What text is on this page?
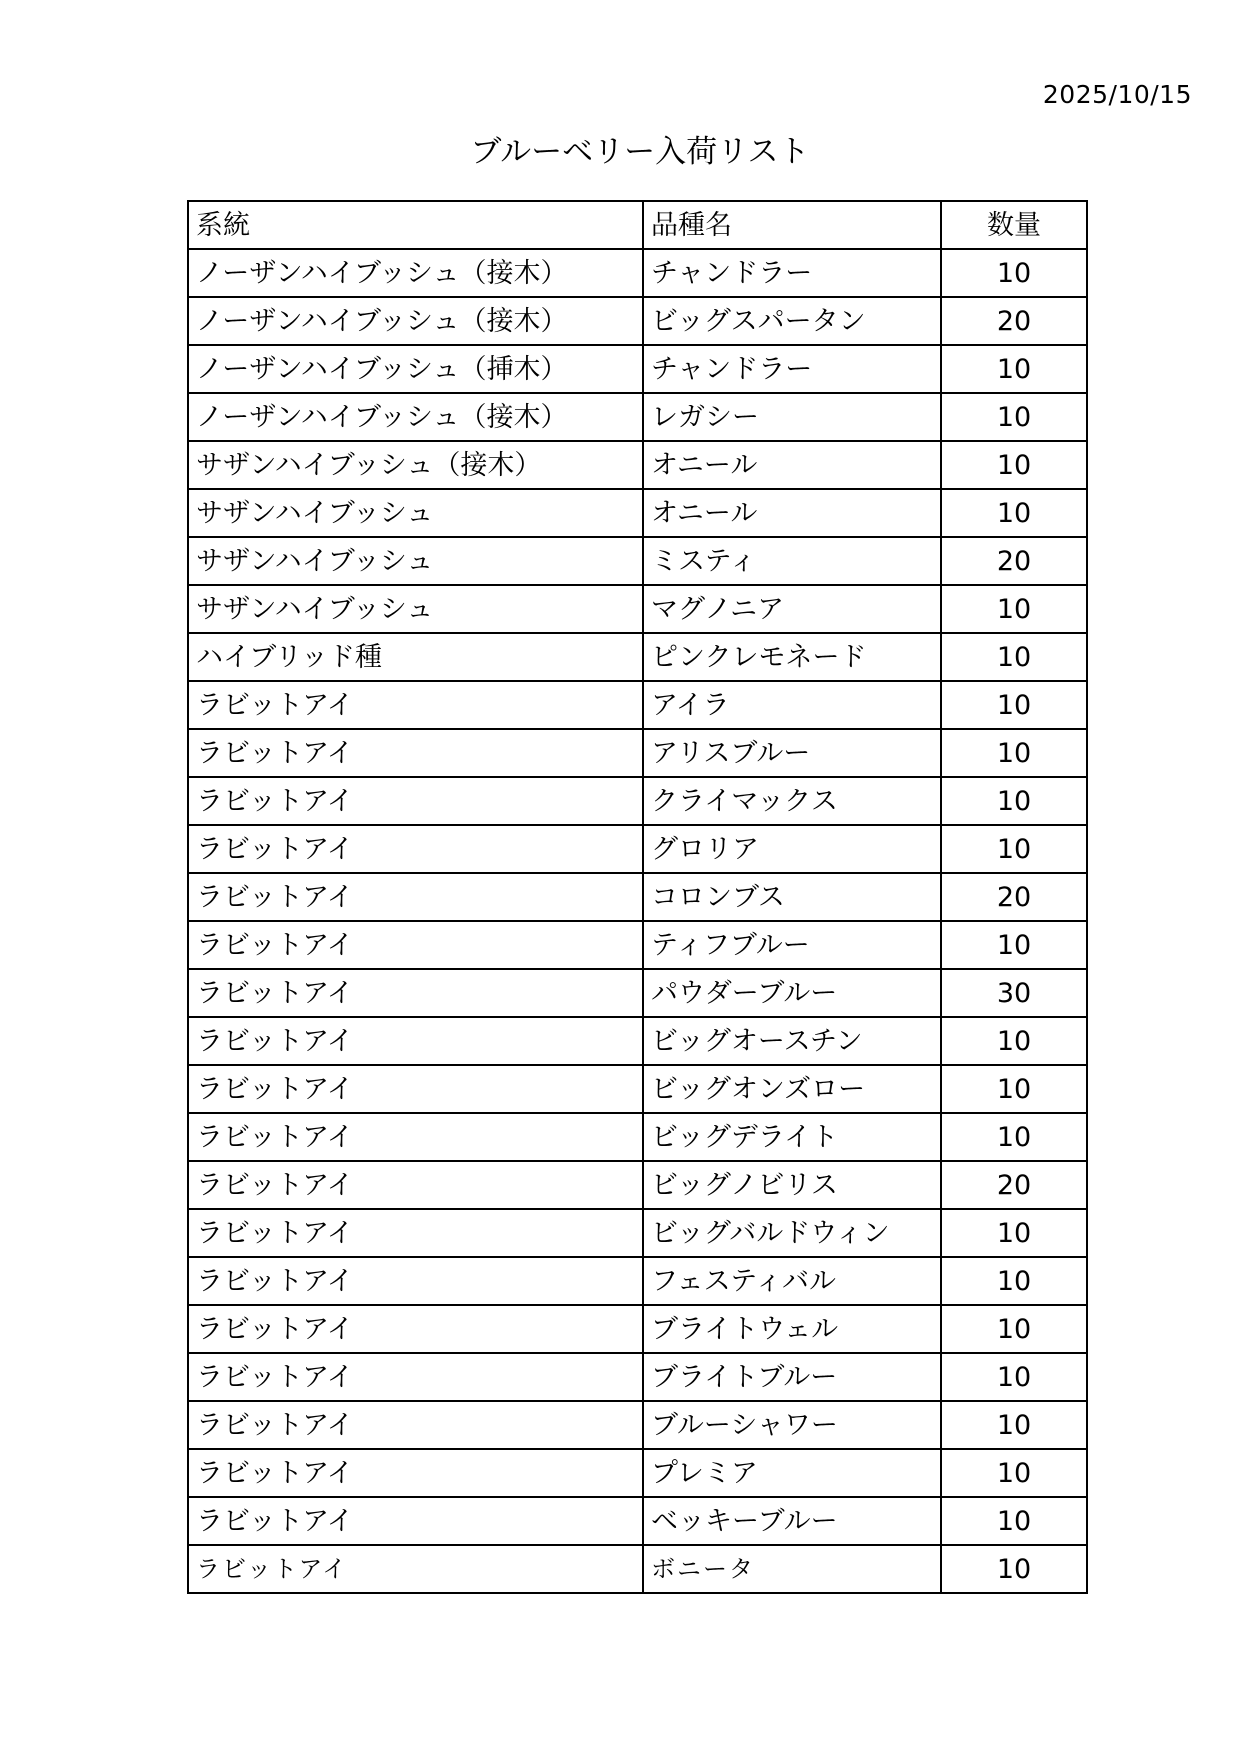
2025/10/15
ブルーベリー入荷リスト
系統	品種名	数量
ノーザンハイブッシュ（接木）	チャンドラー	10
ノーザンハイブッシュ（接木）	ビッグスパータン	20
ノーザンハイブッシュ（挿木）	チャンドラー	10
ノーザンハイブッシュ（接木）	レガシー	10
サザンハイブッシュ（接木）	オニール	10
サザンハイブッシュ	オニール	10
サザンハイブッシュ	ミスティ	20
サザンハイブッシュ	マグノニア	10
ハイブリッド種	ピンクレモネード	10
ラビットアイ	アイラ	10
ラビットアイ	アリスブルー	10
ラビットアイ	クライマックス	10
ラビットアイ	グロリア	10
ラビットアイ	コロンブス	20
ラビットアイ	ティフブルー	10
ラビットアイ	パウダーブルー	30
ラビットアイ	ビッグオースチン	10
ラビットアイ	ビッグオンズロー	10
ラビットアイ	ビッグデライト	10
ラビットアイ	ビッグノビリス	20
ラビットアイ	ビッグバルドウィン	10
ラビットアイ	フェスティバル	10
ラビットアイ	ブライトウェル	10
ラビットアイ	ブライトブルー	10
ラビットアイ	ブルーシャワー	10
ラビットアイ	プレミア	10
ラビットアイ	ベッキーブルー	10
ラビットアイ	ボニータ	10
